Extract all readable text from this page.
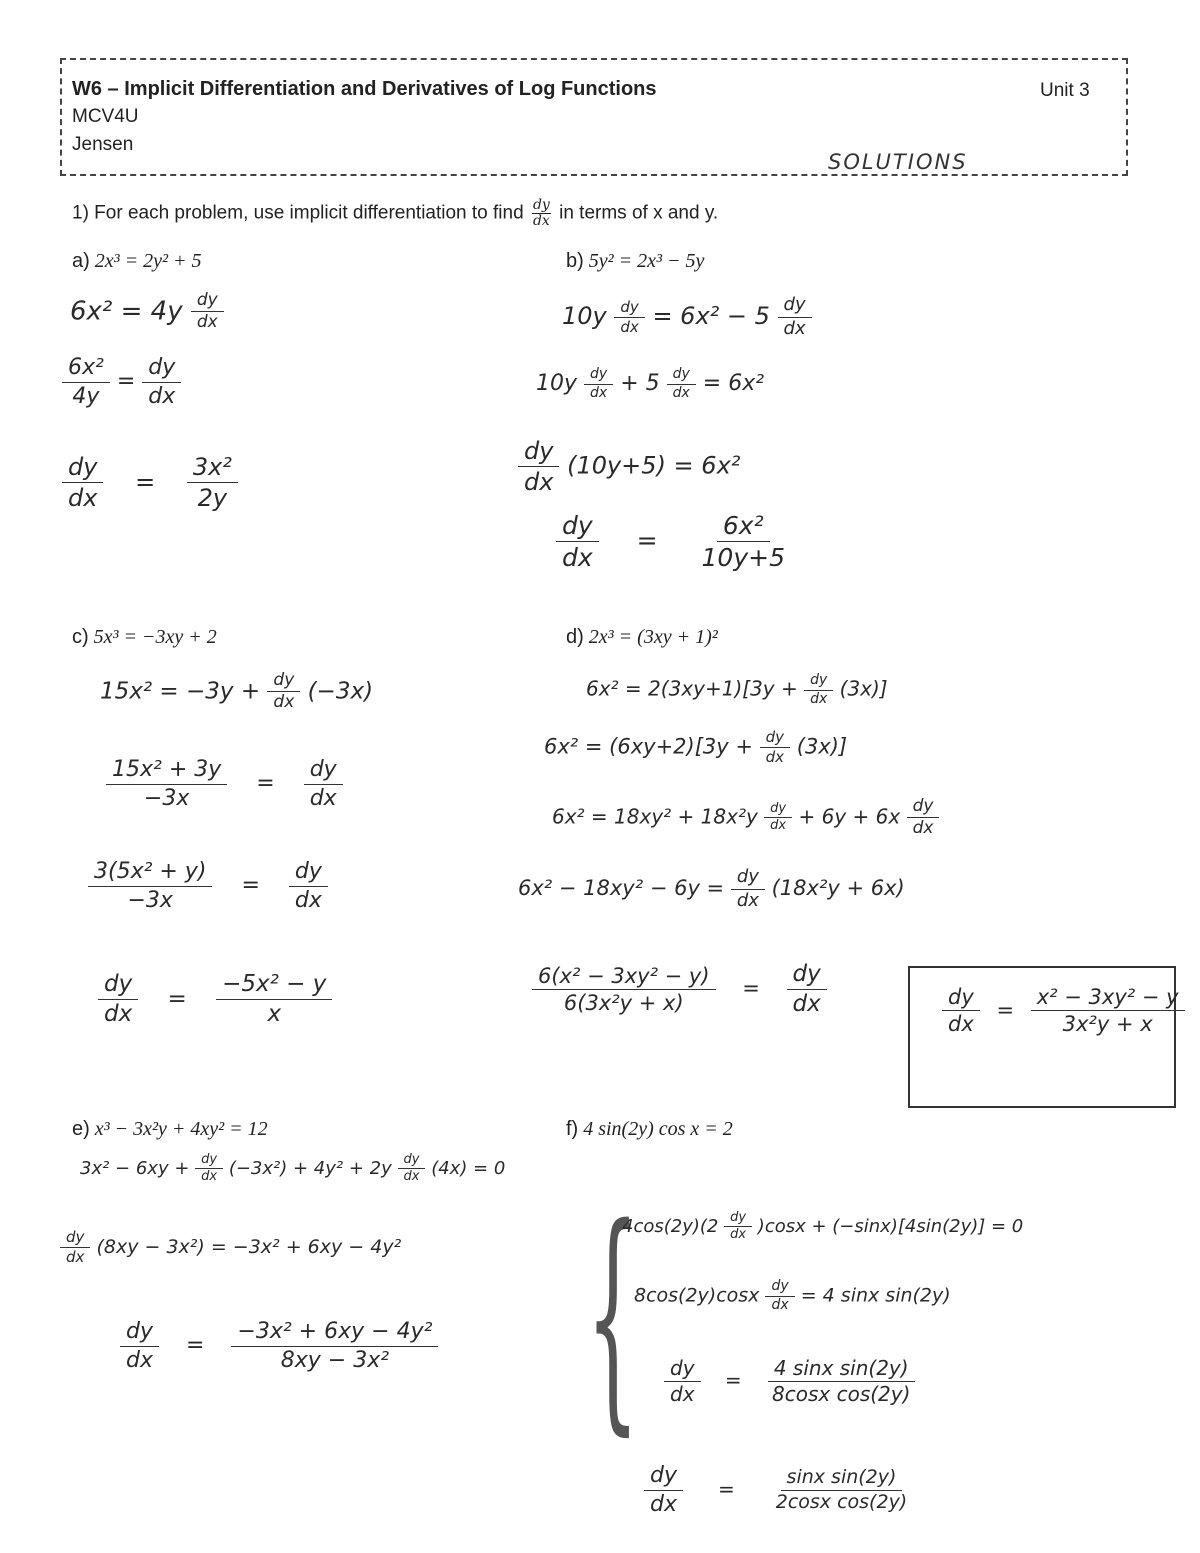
W6 – Implicit Differentiation and Derivatives of Log Functions
MCV4U
Jensen
Unit 3
SOLUTIONS
1) For each problem, use implicit differentiation to find $\frac{dy}{dx}$ in terms of x and y.
a) 2x³ = 2y² + 5
$6x^2 = 4y \frac{dy}{dx}$
$\frac{\text{6x²}}{4y} = \frac{dy}{dx}$
$\frac{dy}{dx} = \frac{\text{3x²}}{2y}$
b) 5y² = 2x³ − 5y
$10y \frac{dy}{dx} = 6x^2 - 5 \frac{dy}{dx}$
$10y \frac{dy}{dx} + 5 \frac{dy}{dx} = 6x^2$
$\frac{dy}{dx} (10y+5) = 6x^2$
$\frac{dy}{dx} = \frac{\text{6x²}}{10y+5}$
c) 5x³ = −3xy + 2
$15x^2 = -3y + \frac{dy}{dx} (-3x)$
$\frac{\text{15x² + 3y}}{-3x} = \frac{dy}{dx}$
$\frac{\text{3(5x² + y)}}{-3x} = \frac{dy}{dx}$
$\frac{dy}{dx} = \frac{\text{−5x² − y}}{x}$
d) 2x³ = (3xy + 1)²
$6x^2 = 2(3xy+1)[3y + \frac{dy}{dx} (3x)]$
$6x^2 = (6xy+2)[3y + \frac{dy}{dx} (3x)]$
$6x^2 = 18xy^2 + 18x^2y \frac{dy}{dx} + 6y + 6x \frac{dy}{dx}$
$6x^2 - 18xy^2 - 6y = \frac{dy}{dx} (18x^2y + 6x)$
$\frac{\text{6(x² − 3xy² − y)}}{\text{6(3x²y + x)}} = \frac{dy}{dx}$	$\frac{dy}{dx} = \frac{\text{x² − 3xy² − y}}{\text{3x²y + x}}$
e) x³ − 3x²y + 4xy² = 12
$3x^2 - 6xy + \frac{dy}{dx} (-3x^2) + 4y^2 + 2y \frac{dy}{dx} (4x) = 0$
$\frac{dy}{dx} (8xy - 3x^2) = -3x^2 + 6xy - 4y^2$
$\frac{dy}{dx} = \frac{\text{−3x² + 6xy − 4y²}}{\text{8xy − 3x²}}$
f) 4 sin(2y) cos x = 2
{
$4\cos(2y)(2 \frac{dy}{dx} )\cos x + (-\sin x)[4\sin(2y)] = 0$
$8\cos(2y)\cos x \frac{dy}{dx} = 4$ sinx sin(2y)
$\frac{dy}{dx} = \frac{\text{4 sinx sin(2y)}}{\text{8cosx cos(2y)}}$
$\frac{dy}{dx} = \frac{\text{sinx sin(2y)}}{\text{2cosx cos(2y)}}$
